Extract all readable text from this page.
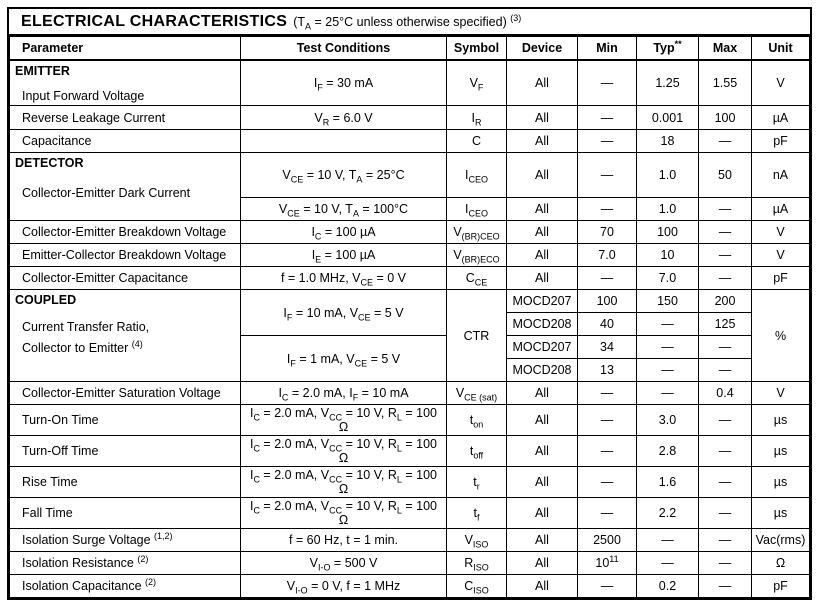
ELECTRICAL CHARACTERISTICS ($T_A = 25^\circ C$ unless otherwise specified) $^{(3)}$
Parameter	Test Conditions	Symbol	Device	Min	Typ**	Max	Unit

EMITTER
Input Forward Voltage	$I_F = 30$ mA	$V_F$	All	—	1.25	1.55	V
Reverse Leakage Current	$V_R = 6.0$ V	$I_R$	All	—	0.001	100	µA
Capacitance		C	All	—	18	—	pF

DETECTOR
Collector-Emitter Dark Current	$V_{CE} = 10$ V, $T_A = 25^\circ C$	$I_{CEO}$	All	—	1.0	50	nA
	$V_{CE} = 10$ V, $T_A = 100^\circ C$	$I_{CEO}$	All	—	1.0	—	µA
Collector-Emitter Breakdown Voltage	$I_C = 100$ µA	$V_{(BR)CEO}$	All	70	100	—	V
Emitter-Collector Breakdown Voltage	$I_E = 100$ µA	$V_{(BR)ECO}$	All	7.0	10	—	V
Collector-Emitter Capacitance	f = 1.0 MHz, $V_{CE} = 0$ V	$C_{CE}$	All	—	7.0	—	pF

COUPLED
Current Transfer Ratio,
Collector to Emitter $^{(4)}$	$I_F = 10$ mA, $V_{CE} = 5$ V	CTR	MOCD207	100	150	200	%
			MOCD208	40	—	125	
	$I_F = 1$ mA, $V_{CE} = 5$ V		MOCD207	34	—	—	
			MOCD208	13	—	—	
Collector-Emitter Saturation Voltage	$I_C = 2.0$ mA, $I_F = 10$ mA	$V_{CE (sat)}$	All	—	—	0.4	V
Turn-On Time	$I_C = 2.0$ mA, $V_{CC} = 10$ V, $R_L = 100$ Ω	$t_{on}$	All	—	3.0	—	µs
Turn-Off Time	$I_C = 2.0$ mA, $V_{CC} = 10$ V, $R_L = 100$ Ω	$t_{off}$	All	—	2.8	—	µs
Rise Time	$I_C = 2.0$ mA, $V_{CC} = 10$ V, $R_L = 100$ Ω	$t_r$	All	—	1.6	—	µs
Fall Time	$I_C = 2.0$ mA, $V_{CC} = 10$ V, $R_L = 100$ Ω	$t_f$	All	—	2.2	—	µs
Isolation Surge Voltage $^{(1,2)}$	f = 60 Hz, t = 1 min.	$V_{ISO}$	All	2500	—	—	Vac(rms)
Isolation Resistance $^{(2)}$	$V_{I-O} = 500$ V	$R_{ISO}$	All	$10^{11}$	—	—	Ω
Isolation Capacitance $^{(2)}$	$V_{I-O} = 0$ V, f = 1 MHz	$C_{ISO}$	All	—	0.2	—	pF
